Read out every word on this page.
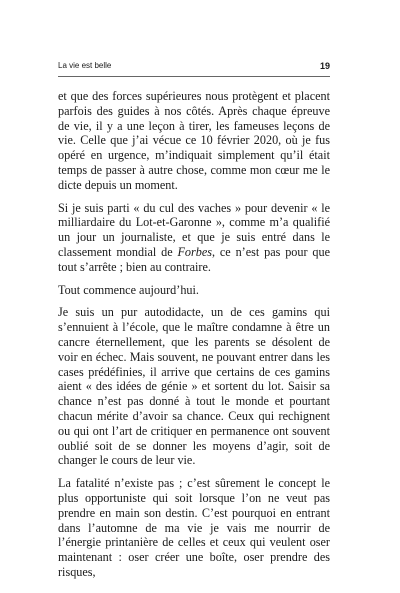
La vie est belle	19

et que des forces supérieures nous protègent et placent parfois des guides à nos côtés. Après chaque épreuve de vie, il y a une leçon à tirer, les fameuses leçons de vie. Celle que j’ai vécue ce 10 février 2020, où je fus opéré en urgence, m’indiquait simplement qu’il était temps de passer à autre chose, comme mon cœur me le dicte depuis un moment.

Si je suis parti « du cul des vaches » pour devenir « le milliardaire du Lot-et-Garonne », comme m’a qualifié un jour un journaliste, et que je suis entré dans le classement mondial de Forbes, ce n’est pas pour que tout s’arrête ; bien au contraire.

Tout commence aujourd’hui.

Je suis un pur autodidacte, un de ces gamins qui s’ennuient à l’école, que le maître condamne à être un cancre éternellement, que les parents se désolent de voir en échec. Mais souvent, ne pouvant entrer dans les cases prédéfinies, il arrive que certains de ces gamins aient « des idées de génie » et sortent du lot. Saisir sa chance n’est pas donné à tout le monde et pourtant chacun mérite d’avoir sa chance. Ceux qui rechignent ou qui ont l’art de critiquer en permanence ont souvent oublié soit de se donner les moyens d’agir, soit de changer le cours de leur vie.

La fatalité n’existe pas ; c’est sûrement le concept le plus opportuniste qui soit lorsque l’on ne veut pas prendre en main son destin. C’est pourquoi en entrant dans l’automne de ma vie je vais me nourrir de l’énergie printanière de celles et ceux qui veulent oser maintenant : oser créer une boîte, oser prendre des risques,
